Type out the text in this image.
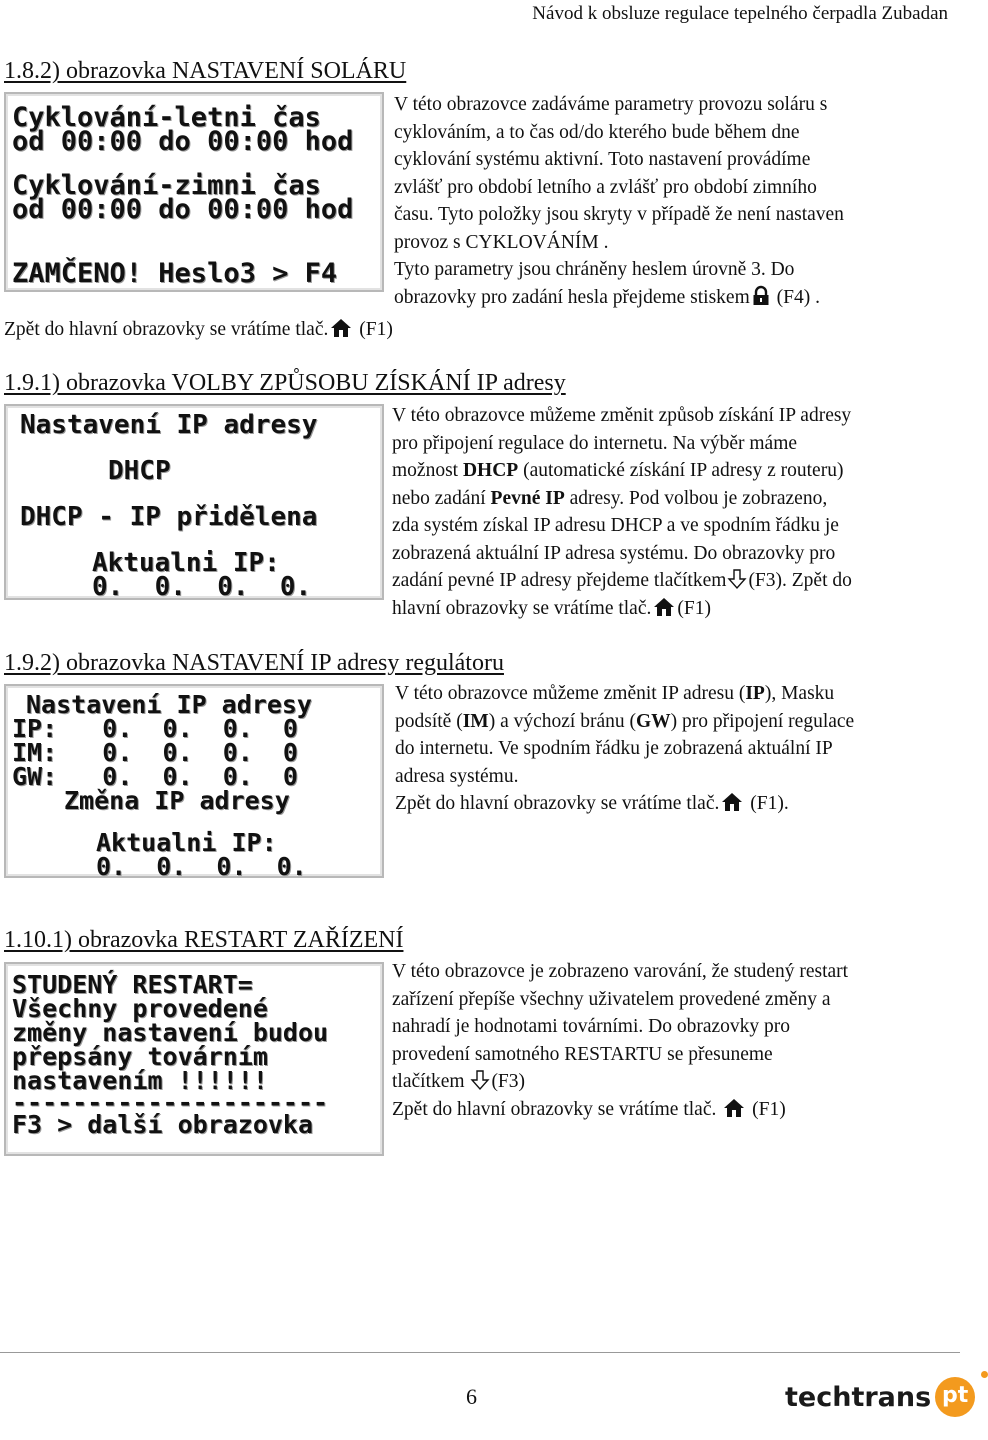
Návod k obsluze regulace tepelného čerpadla Zubadan
1.8.2) obrazovka NASTAVENÍ SOLÁRU
Cyklování-letni čas
od 00:00 do 00:00 hod
Cyklování-zimni čas
od 00:00 do 00:00 hod
ZAMČENO! Heslo3 > F4
V této obrazovce zadáváme parametry provozu soláru s
cyklováním, a to čas od/do kterého bude během dne
cyklování systému aktivní. Toto nastavení provádíme
zvlášť pro období letního a zvlášť pro období zimního
času. Tyto položky jsou skryty v případě že není nastaven
provoz s CYKLOVÁNÍM .
Tyto parametry jsou chráněny heslem úrovně 3. Do
obrazovky pro zadání hesla přejdeme stiskem
(F4) .
Zpět do hlavní obrazovky se vrátíme tlač.
(F1)
1.9.1) obrazovka VOLBY ZPŮSOBU ZÍSKÁNÍ IP adresy
Nastavení IP adresy
DHCP
DHCP - IP přidělena
Aktualni IP:
0.  0.  0.  0.
V této obrazovce můžeme změnit způsob získání IP adresy
pro připojení regulace do internetu. Na výběr máme
možnost DHCP (automatické získání IP adresy z routeru)
nebo zadání Pevné IP adresy. Pod volbou je zobrazeno,
zda systém získal IP adresu DHCP a ve spodním řádku je
zobrazená aktuální IP adresa systému. Do obrazovky pro
zadání pevné IP adresy přejdeme tlačítkem (F3). Zpět do
hlavní obrazovky se vrátíme tlač. (F1)
1.9.2) obrazovka NASTAVENÍ IP adresy regulátoru
Nastavení IP adresy
IP:   0.  0.  0.  0
IM:   0.  0.  0.  0
GW:   0.  0.  0.  0
Změna IP adresy
Aktualni IP:
0.  0.  0.  0.
V této obrazovce můžeme změnit IP adresu (IP), Masku
podsítě (IM) a výchozí bránu (GW) pro připojení regulace
do internetu. Ve spodním řádku je zobrazená aktuální IP
adresa systému.
Zpět do hlavní obrazovky se vrátíme tlač.
(F1).
1.10.1) obrazovka RESTART ZAŘÍZENÍ
STUDENÝ RESTART=
Všechny provedené
změny nastavení budou
přepsány továrním
nastavením !!!!!!
---------------------
F3 > další obrazovka
V této obrazovce je zobrazeno varování, že studený restart
zařízení přepíše všechny uživatelem provedené změny a
nahradí je hodnotami továrními. Do obrazovky pro
provedení samotného RESTARTU se přesuneme
tlačítkem
(F3)
Zpět do hlavní obrazovky se vrátíme tlač.
(F1)
6	techtrans pt
